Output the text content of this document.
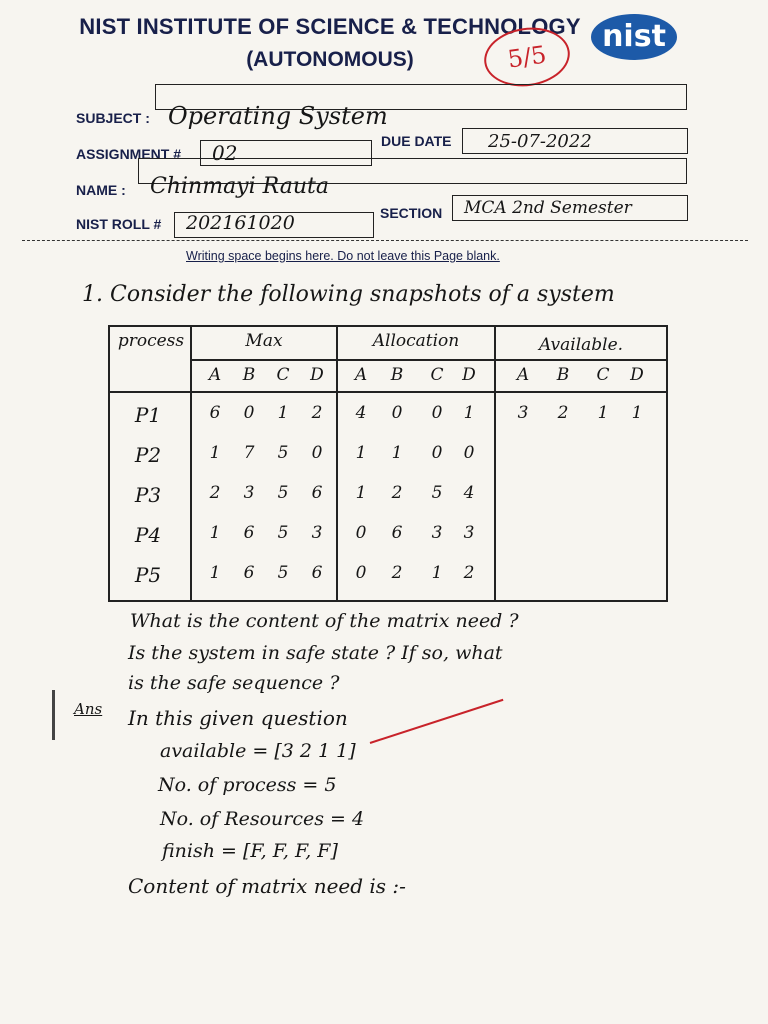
NIST INSTITUTE OF SCIENCE & TECHNOLOGY
(AUTONOMOUS)
nist
5/5
SUBJECT : Operating System
ASSIGNMENT # 02	DUE DATE 25-07-2022
NAME : Chinmayi Rauta
NIST ROLL # 202161020	SECTION MCA 2nd Semester
Writing space begins here. Do not leave this Page blank.
1. Consider the following snapshots of a system
process	Max	Allocation	Available.
A	B	C	D	A	B	C	D	A	B	C	D
P1	6	0	1	2	4	0	0	1	3	2	1	1
P2	1	7	5	0	1	1	0	0
P3	2	3	5	6	1	2	5	4
P4	1	6	5	3	0	6	3	3
P5	1	6	5	6	0	2	1	2
What is the content of the matrix need ?
Is the system in safe state ? If so, what
is the safe sequence ?
Ans In this given question
available = [3 2 1 1]
No. of process = 5
No. of Resources = 4
finish = [F, F, F, F]
Content of matrix need is :-
